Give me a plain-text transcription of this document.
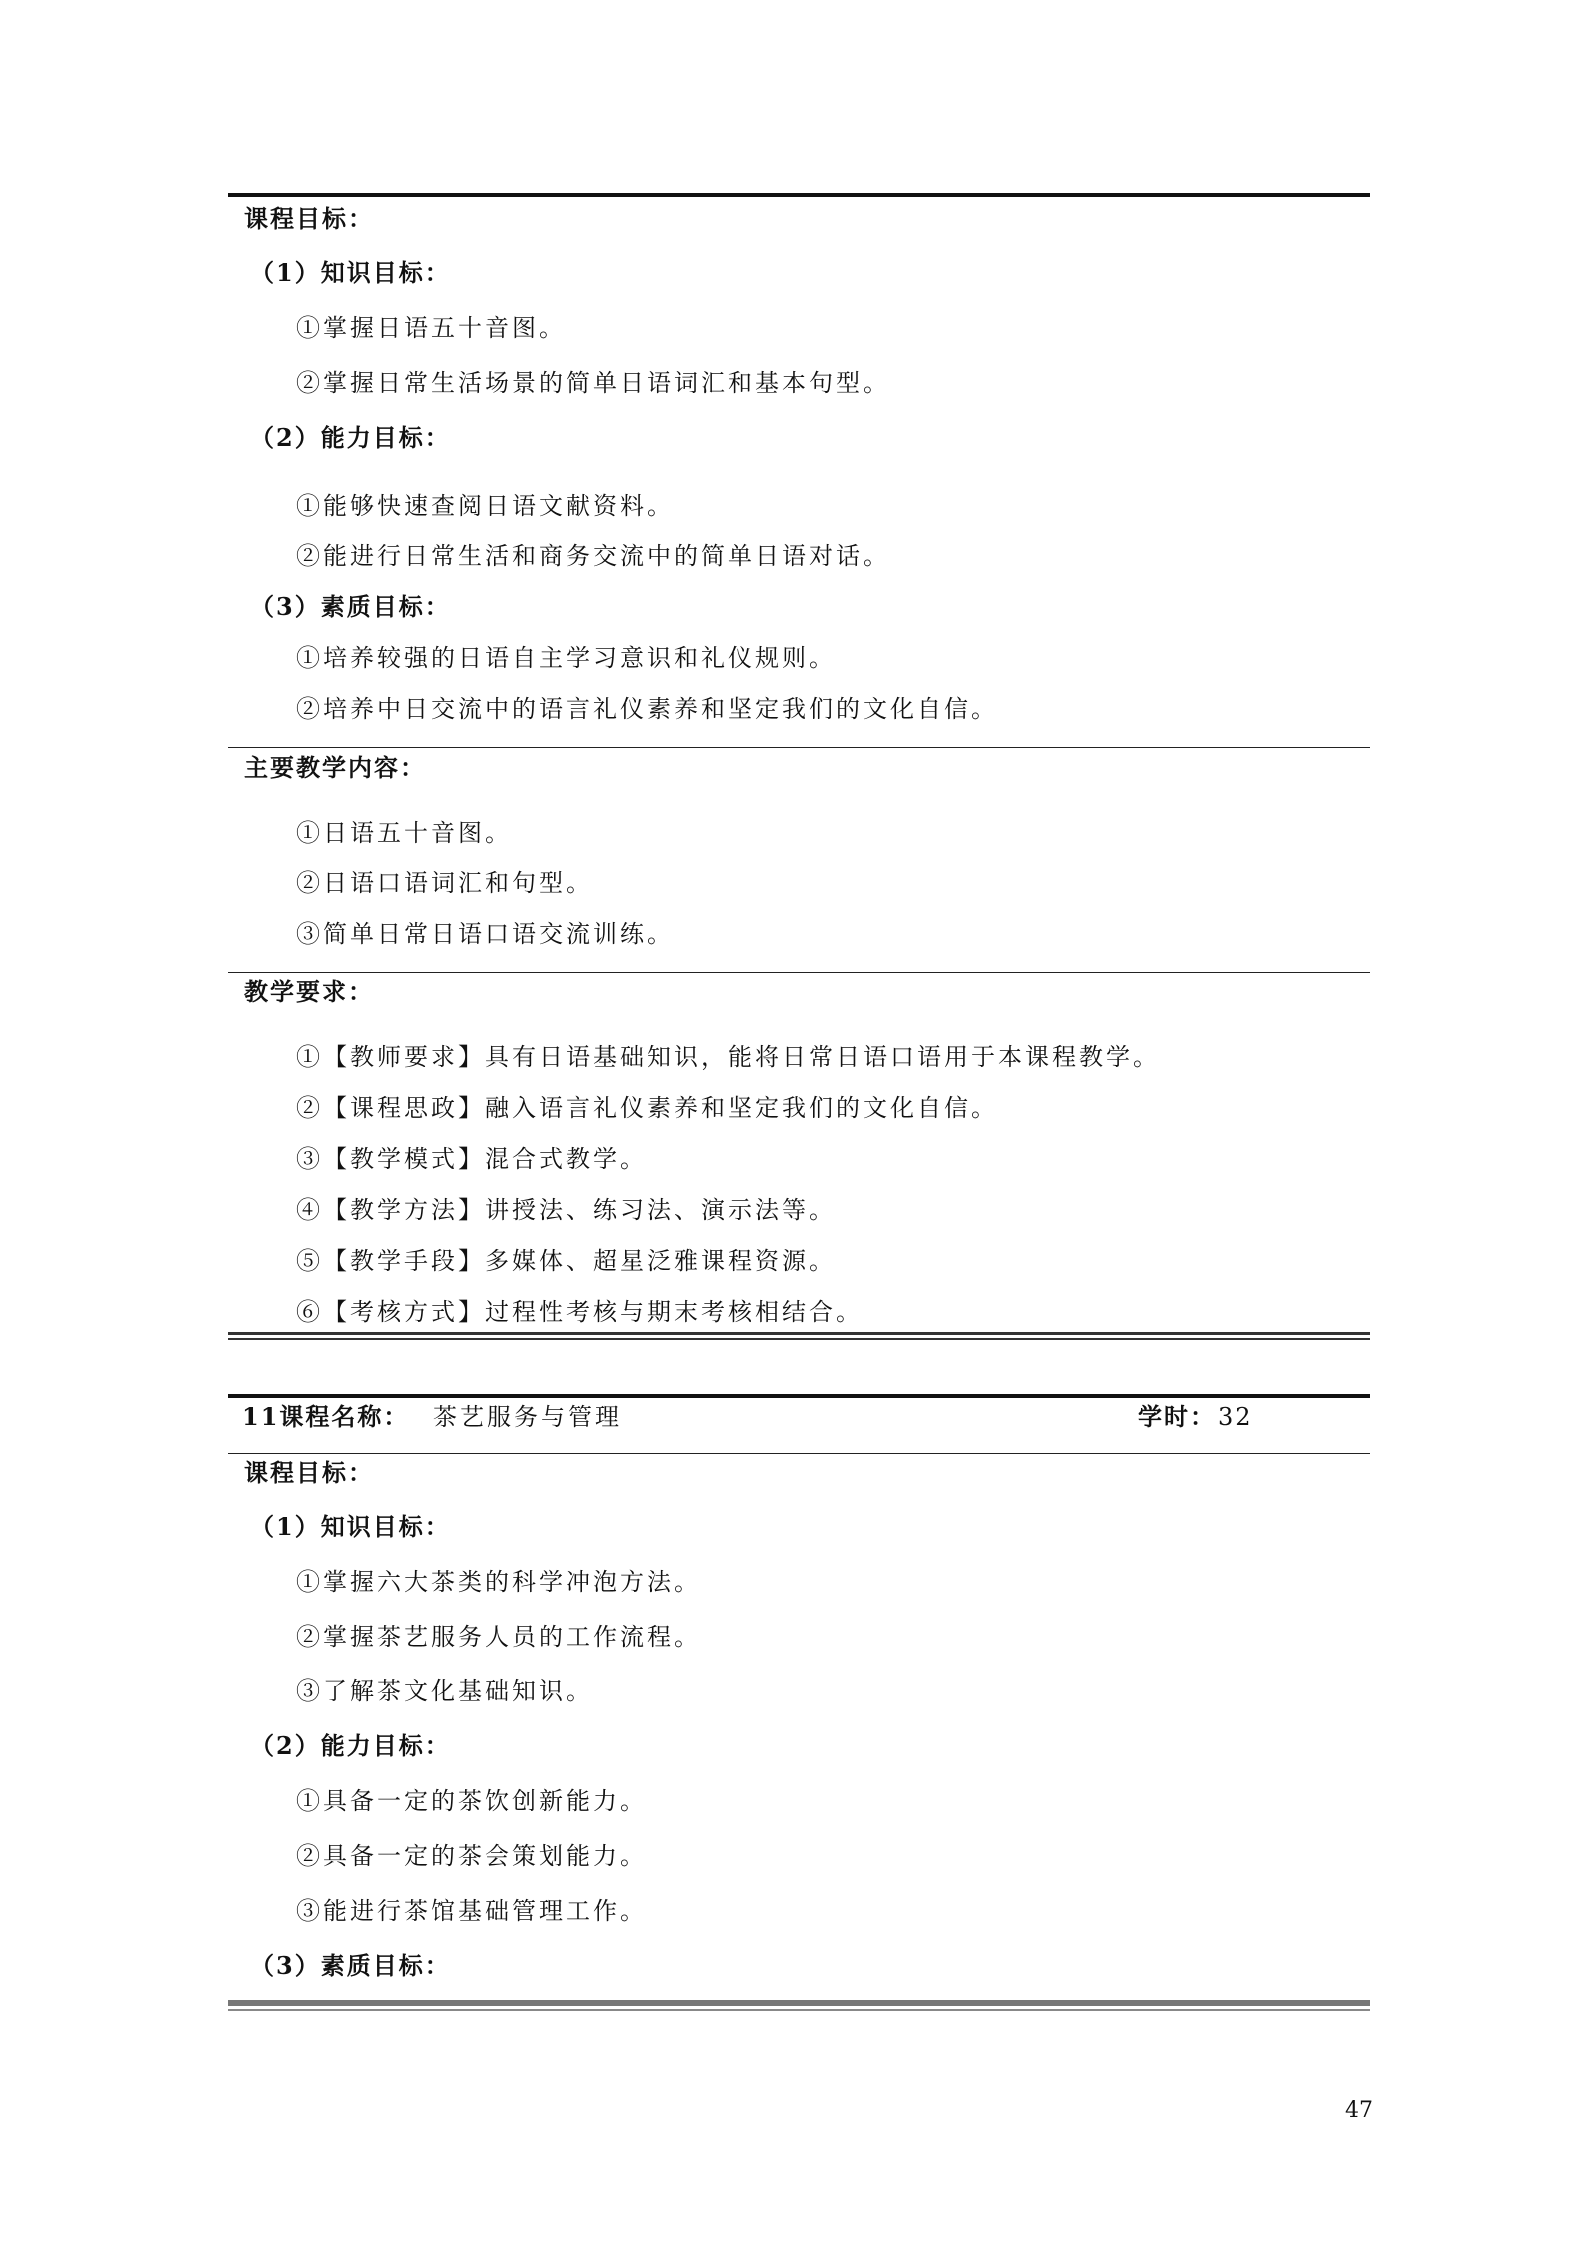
课程目标：
（1）知识目标：
①掌握日语五十音图。
②掌握日常生活场景的简单日语词汇和基本句型。
（2）能力目标：
①能够快速查阅日语文献资料。
②能进行日常生活和商务交流中的简单日语对话。
（3）素质目标：
①培养较强的日语自主学习意识和礼仪规则。
②培养中日交流中的语言礼仪素养和坚定我们的文化自信。
主要教学内容：
①日语五十音图。
②日语口语词汇和句型。
③简单日常日语口语交流训练。
教学要求：
①【教师要求】具有日语基础知识，能将日常日语口语用于本课程教学。
②【课程思政】融入语言礼仪素养和坚定我们的文化自信。
③【教学模式】混合式教学。
④【教学方法】讲授法、练习法、演示法等。
⑤【教学手段】多媒体、超星泛雅课程资源。
⑥【考核方式】过程性考核与期末考核相结合。
11课程名称： 茶艺服务与管理	学时： 32
课程目标：
（1）知识目标：
①掌握六大茶类的科学冲泡方法。
②掌握茶艺服务人员的工作流程。
③了解茶文化基础知识。
（2）能力目标：
①具备一定的茶饮创新能力。
②具备一定的茶会策划能力。
③能进行茶馆基础管理工作。
（3）素质目标：
47
